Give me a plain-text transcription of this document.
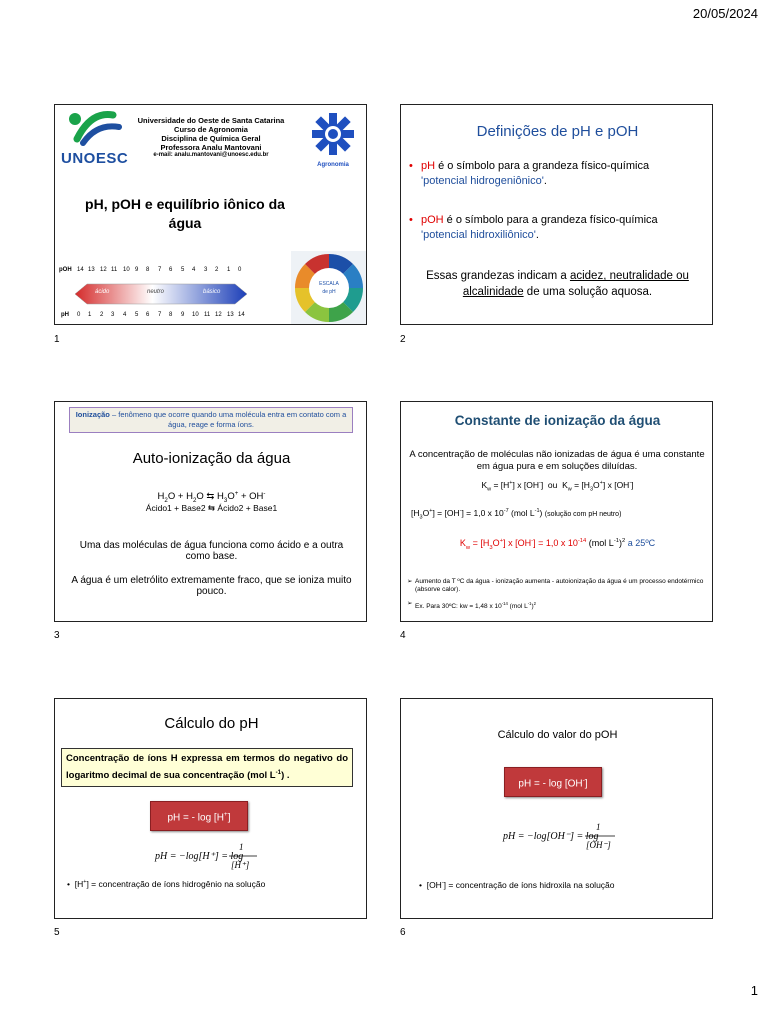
20/05/2024
1
UNOESC
Universidade do Oeste de Santa Catarina
Curso de Agronomia
Disciplina de Química Geral
Professora Analu Mantovani
e-mail: analu.mantovani@unoesc.edu.br
Agronomia
pH, pOH e equilíbrio iônico da água
pOH
pH
14 13 12 11 10 9 8 7 6 5 4 3 2 1 0
ácido	neutro	básico
0 1 2 3 4 5 6 7 8 9 10 11 12 13 14
ESCALA
de pH
1
Definições de pH e pOH
• pH é o símbolo para a grandeza físico-química
'potencial hidrogeniônico'.
• pOH é o símbolo para a grandeza físico-química
'potencial hidroxiliônico'.
Essas grandezas indicam a acidez, neutralidade ou
alcalinidade de uma solução aquosa.
2
Ionização – fenômeno que ocorre quando uma molécula entra em contato com a água, reage e forma íons.
Auto-ionização da água
$H_2O + H_2O$ ⇆ $H_3O^+ + OH^-$
Ácido1 + Base2 ⇆ Ácido2 + Base1
Uma das moléculas de água funciona como ácido e a outra como base.
A água é um eletrólito extremamente fraco, que se ioniza muito pouco.
3
Constante de ionização da água
A concentração de moléculas não ionizadas de água é uma constante em água pura e em soluções diluídas.
$K_w = [H^+]$ x [OH-]  ou  $K_w = [H_3O^+]$ x [OH-]
$[H_3O^+] = [OH^-] = 1,0$ x $10^{-7}$ (mol $L^{-1}$) (solução com pH neutro)
$K_w = [H_3O^+]$ x [OH-] = 1,0 x $10^{-14}$ (mol $L^{-1})^2$ a 25ºC
➢ Aumento da T ºC da água - ionização aumenta - autoionização da água é um processo endotérmico (absorve calor).
➢ Ex. Para 30ºC: kw = 1,48 x $10^{-14}$ (mol $L^{-1})^2$
4
Cálculo do pH
Concentração de íons H expressa em termos do negativo do logaritmo decimal de sua concentração (mol $L^{-1}$) .
pH = - log [H+]
pH = −log[H⁺] = log
1
[H⁺]
•  [H+] = concentração de íons hidrogênio na solução
5
Cálculo do valor do pOH
pH = - log [OH-]
pH = −log[OH⁻] = log
1
[OH⁻]
•  [OH-] = concentração de íons hidroxila na solução
6
